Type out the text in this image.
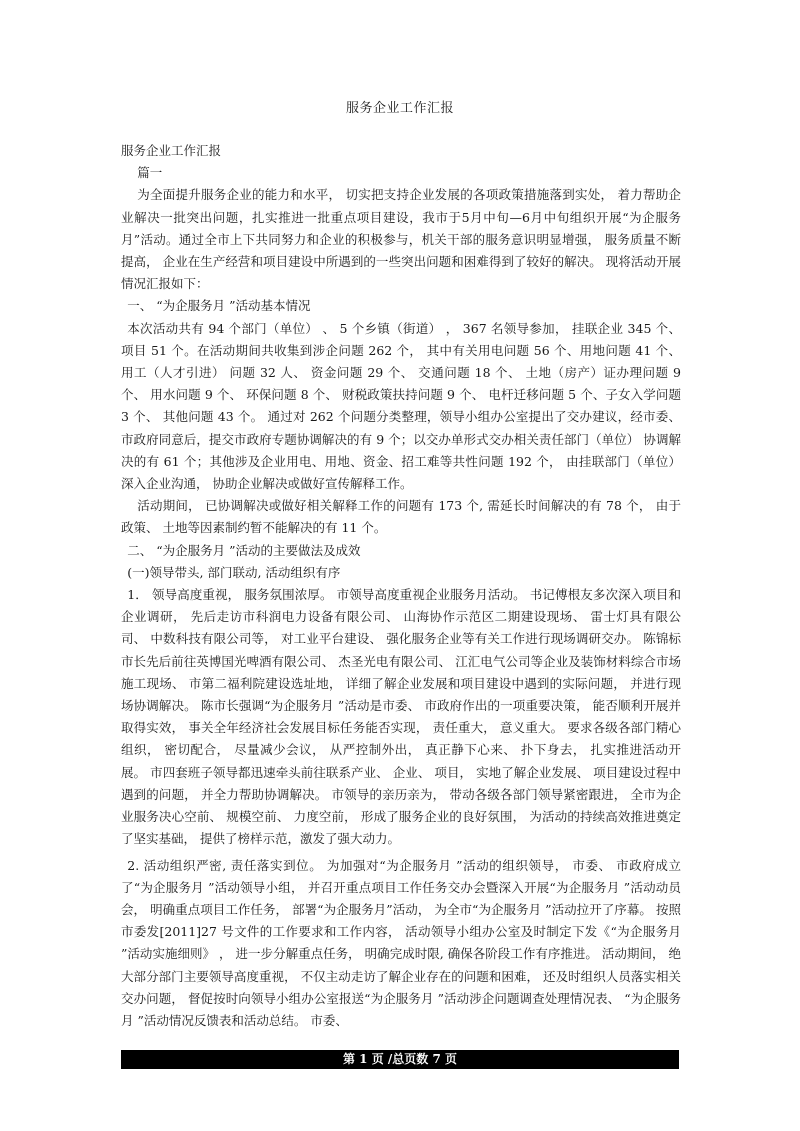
服务企业工作汇报

服务企业工作汇报

篇一

为全面提升服务企业的能力和水平， 切实把支持企业发展的各项政策措施落到实处， 着力帮助企业解决一批突出问题，扎实推进一批重点项目建设，我市于5月中旬—6月中旬组织开展“为企服务月”活动。通过全市上下共同努力和企业的积极参与，机关干部的服务意识明显增强， 服务质量不断提高， 企业在生产经营和项目建设中所遇到的一些突出问题和困难得到了较好的解决。 现将活动开展情况汇报如下：

一、 “为企服务月 ”活动基本情况

本次活动共有 94 个部门（单位） 、 5 个乡镇（街道） ， 367 名领导参加， 挂联企业 345 个、 项目 51 个。在活动期间共收集到涉企问题 262 个， 其中有关用电问题 56 个、用地问题 41 个、 用工（人才引进） 问题 32 人、 资金问题 29 个、 交通问题 18 个、 土地（房产）证办理问题 9 个、 用水问题 9 个、 环保问题 8 个、 财税政策扶持问题 9 个、 电杆迁移问题 5 个、子女入学问题 3 个、 其他问题 43 个。 通过对 262 个问题分类整理，领导小组办公室提出了交办建议，经市委、市政府同意后，提交市政府专题协调解决的有 9 个；以交办单形式交办相关责任部门（单位） 协调解决的有 61 个；其他涉及企业用电、用地、资金、招工难等共性问题 192 个， 由挂联部门（单位） 深入企业沟通， 协助企业解决或做好宣传解释工作。

活动期间， 已协调解决或做好相关解释工作的问题有 173 个, 需延长时间解决的有 78 个， 由于政策、 土地等因素制约暂不能解决的有 11 个。

二、 “为企服务月 ”活动的主要做法及成效

(一)领导带头, 部门联动, 活动组织有序

1． 领导高度重视， 服务氛围浓厚。 市领导高度重视企业服务月活动。 书记傅根友多次深入项目和企业调研， 先后走访市科润电力设备有限公司、 山海协作示范区二期建设现场、 雷士灯具有限公司、 中数科技有限公司等， 对工业平台建设、 强化服务企业等有关工作进行现场调研交办。 陈锦标市长先后前往英博国光啤酒有限公司、 杰圣光电有限公司、 江汇电气公司等企业及装饰材料综合市场施工现场、 市第二福利院建设选址地， 详细了解企业发展和项目建设中遇到的实际问题， 并进行现场协调解决。 陈市长强调“为企服务月 ”活动是市委、 市政府作出的一项重要决策， 能否顺利开展并取得实效， 事关全年经济社会发展目标任务能否实现， 责任重大， 意义重大。 要求各级各部门精心组织， 密切配合， 尽量减少会议， 从严控制外出， 真正静下心来、 扑下身去， 扎实推进活动开展。 市四套班子领导都迅速牵头前往联系产业、 企业、 项目， 实地了解企业发展、 项目建设过程中遇到的问题， 并全力帮助协调解决。 市领导的亲历亲为， 带动各级各部门领导紧密跟进， 全市为企业服务决心空前、 规模空前、 力度空前， 形成了服务企业的良好氛围， 为活动的持续高效推进奠定了坚实基础， 提供了榜样示范，激发了强大动力。

2. 活动组织严密, 责任落实到位。 为加强对“为企服务月 ”活动的组织领导， 市委、 市政府成立了“为企服务月 ”活动领导小组， 并召开重点项目工作任务交办会暨深入开展“为企服务月 ”活动动员会， 明确重点项目工作任务， 部署“为企服务月”活动， 为全市“为企服务月 ”活动拉开了序幕。 按照市委发[2011]27 号文件的工作要求和工作内容， 活动领导小组办公室及时制定下发《“为企服务月 ”活动实施细则》 ， 进一步分解重点任务， 明确完成时限, 确保各阶段工作有序推进。 活动期间， 绝大部分部门主要领导高度重视， 不仅主动走访了解企业存在的问题和困难， 还及时组织人员落实相关交办问题， 督促按时向领导小组办公室报送“为企服务月 ”活动涉企问题调查处理情况表、 “为企服务月 ”活动情况反馈表和活动总结。 市委、

第 1 页 /总页数 7 页
